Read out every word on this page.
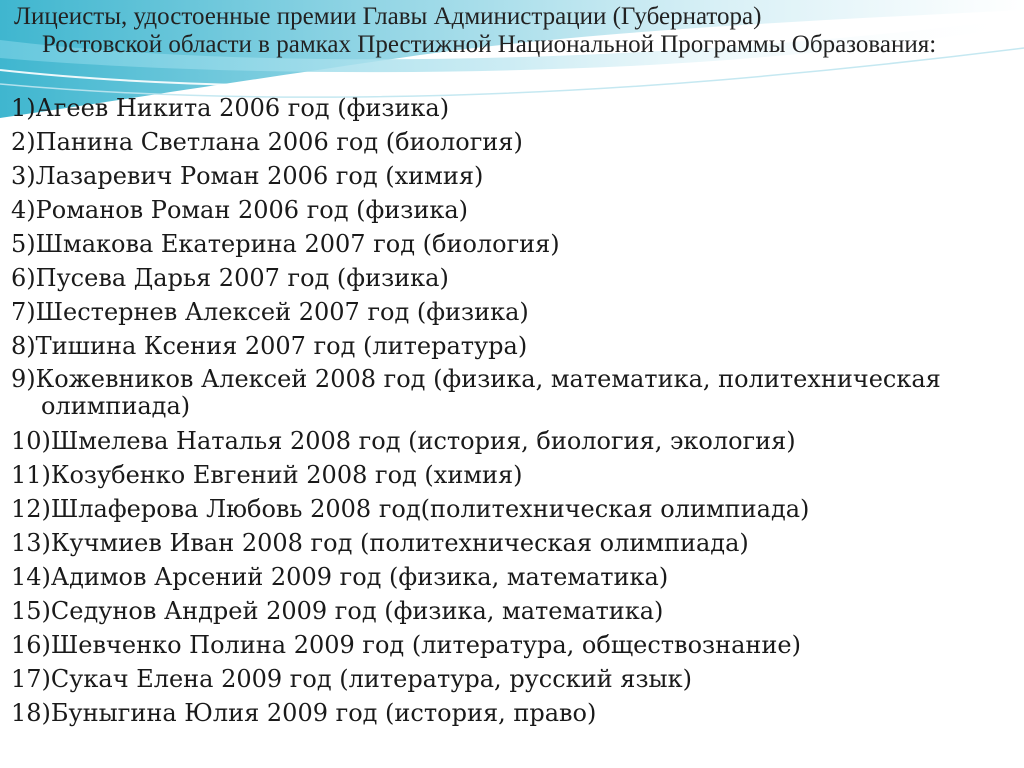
Лицеисты, удостоенные премии Главы Администрации (Губернатора)
Ростовской области в рамках Престижной Национальной Программы Образования:
1)Агеев Никита 2006 год (физика)
2)Панина Светлана 2006 год (биология)
3)Лазаревич Роман 2006 год (химия)
4)Романов Роман 2006 год (физика)
5)Шмакова Екатерина 2007 год (биология)
6)Пусева Дарья 2007 год (физика)
7)Шестернев Алексей 2007 год (физика)
8)Тишина Ксения 2007 год (литература)
9)Кожевников Алексей 2008 год (физика, математика, политехническая
олимпиада)
10)Шмелева Наталья 2008 год (история, биология, экология)
11)Козубенко Евгений 2008 год (химия)
12)Шлаферова Любовь 2008 год(политехническая олимпиада)
13)Кучмиев Иван 2008 год (политехническая олимпиада)
14)Адимов Арсений 2009 год (физика, математика)
15)Седунов Андрей 2009 год (физика, математика)
16)Шевченко Полина 2009 год (литература, обществознание)
17)Сукач Елена 2009 год (литература, русский язык)
18)Буныгина Юлия 2009 год (история, право)
